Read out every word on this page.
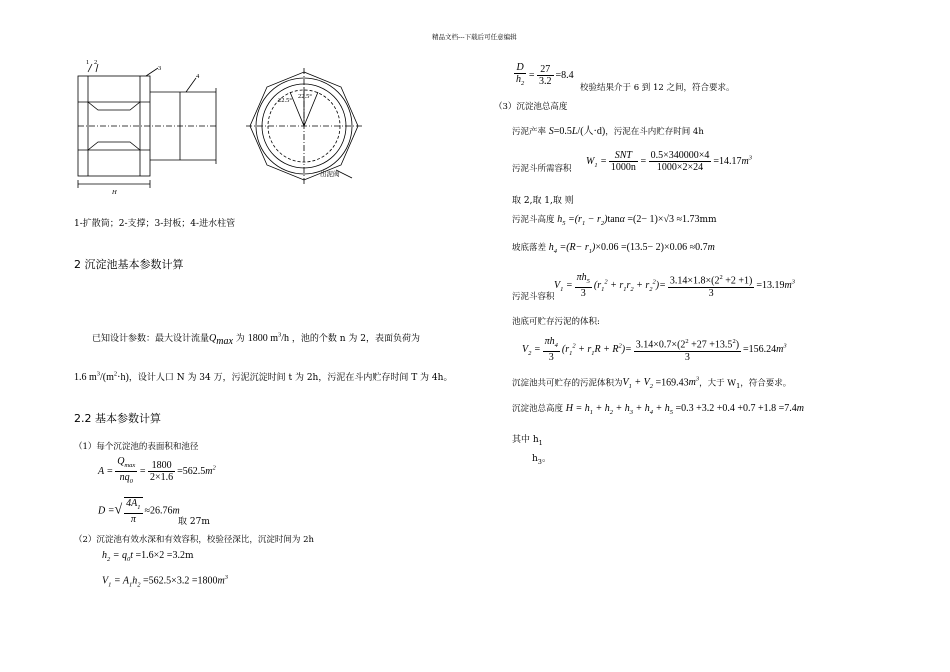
精品文档---下载后可任意编辑
1 2
3
4
H
22.5°
22.5°
出泥阀
1-扩散筒；2-支撑；3-封板；4-进水柱管
2 沉淀池基本参数计算
已知设计参数：最大设计流量$Q_{max}$ 为 1800 $m^3/h$ ，池的个数 n 为 2，表面负荷为
1.6 $m^3/(m^2\cdot h)$，设计人口 N 为 34 万，污泥沉淀时间 t 为 2h，污泥在斗内贮存时间 T 为 4h。
2.2 基本参数计算
（1）每个沉淀池的表面积和池径
$A = \frac{Q_{max}}{nq_0} = \frac{1800}{2\times 1.6} =562.5m^2$
D =√ $\frac{4A_1}{\pi} \approx 26.76m$
取 27m
（2）沉淀池有效水深和有效容积，校验径深比，沉淀时间为 2h
$h_2 = q_0t =1.6\times 2 =3.2m$
$V_1 = A_1h_2 =562.5\times 3.2 =1800m^3$
$\frac{D}{h_2} = \frac{27}{3.2} =8.4$
校验结果介于 6 到 12 之间，符合要求。
（3）沉淀池总高度
污泥产率 S=0.5L/(人·d)，污泥在斗内贮存时间 4h
污泥斗所需容积
$W_1 = \frac{\text{SNT}}{1000n} = \frac{0.5\times 340000\times 4}{1000\times 2\times 24} =14.17m^3$
取 2,取 1,取 则
污泥斗高度 $h_5 =(r_1 - r_2)\tan\alpha =(2- 1)\times√3 \approx 1.73mm$
坡底落差 $h_4 =(R- r_1)\times 0.06 =(13.5- 2)\times 0.06 \approx 0.7m$
污泥斗容积
$V_1 = \frac{\pi h_5}{3} (r_1^2 + r_1r_2 + r_2^2)= \frac{3.14\times 1.8\times(2^2 +2 +1)}{3} =13.19m^3$
池底可贮存污泥的体积:
$V_2 = \frac{\pi h_4}{3} (r_1^2 + r_1R + R^2)= \frac{3.14\times 0.7\times(2^2 +27 +13.5^2)}{3} =156.24m^3$
沉淀池共可贮存的污泥体积为$V_1 + V_2 =169.43m^3$，大于 $W_1$，符合要求。
沉淀池总高度 $H = h_1 + h_2 + h_3 + h_4 + h_5 =0.3 +3.2 +0.4 +0.7 +1.8 =7.4m$
其中 $h_1$
$h_3$。
